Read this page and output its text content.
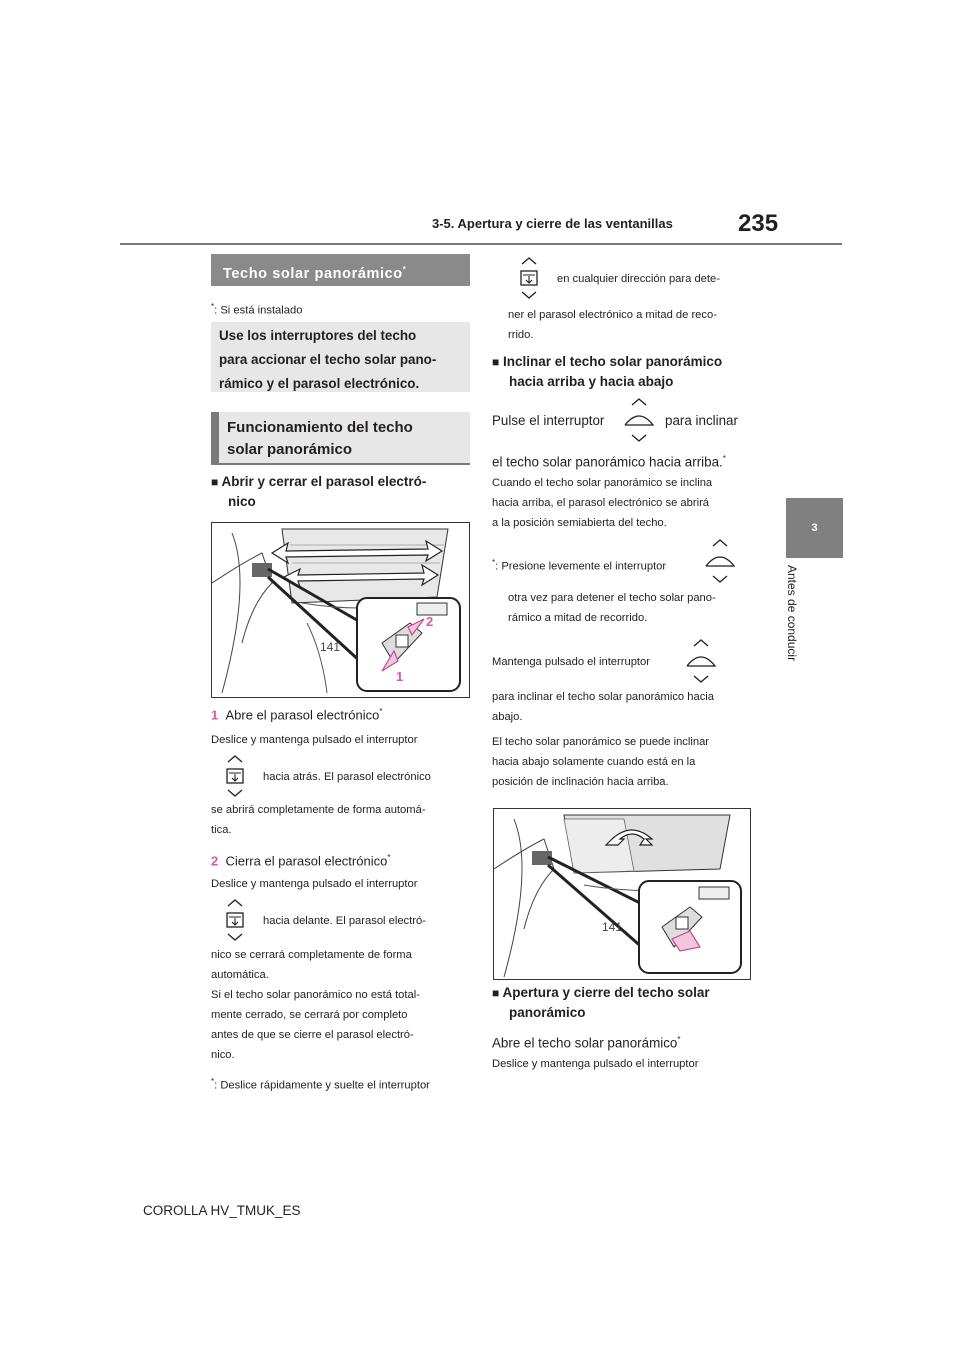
3-5. Apertura y cierre de las ventanillas	235
3
Antes de conducir
Techo solar panorámico*
*: Si está instalado
Use los interruptores del techo
para accionar el techo solar pano-
rámico y el parasol electrónico.
Funcionamiento del techo
solar panorámico
■ Abrir y cerrar el parasol electró-
nico
141
1
2
1 Abre el parasol electrónico*
Deslice y mantenga pulsado el interruptor
hacia atrás. El parasol electrónico
se abrirá completamente de forma automá-
tica.
2 Cierra el parasol electrónico*
Deslice y mantenga pulsado el interruptor
hacia delante. El parasol electró-
nico se cerrará completamente de forma
automática.
Si el techo solar panorámico no está total-
mente cerrado, se cerrará por completo
antes de que se cierre el parasol electró-
nico.
*: Deslice rápidamente y suelte el interruptor
en cualquier dirección para dete-
ner el parasol electrónico a mitad de reco-
rrido.
■ Inclinar el techo solar panorámico
hacia arriba y hacia abajo
Pulse el interruptor	para inclinar
el techo solar panorámico hacia arriba.*
Cuando el techo solar panorámico se inclina
hacia arriba, el parasol electrónico se abrirá
a la posición semiabierta del techo.
*: Presione levemente el interruptor
otra vez para detener el techo solar pano-
rámico a mitad de recorrido.
Mantenga pulsado el interruptor
para inclinar el techo solar panorámico hacia
abajo.
El techo solar panorámico se puede inclinar
hacia abajo solamente cuando está en la
posición de inclinación hacia arriba.
141
■ Apertura y cierre del techo solar
panorámico
Abre el techo solar panorámico*
Deslice y mantenga pulsado el interruptor
COROLLA HV_TMUK_ES
